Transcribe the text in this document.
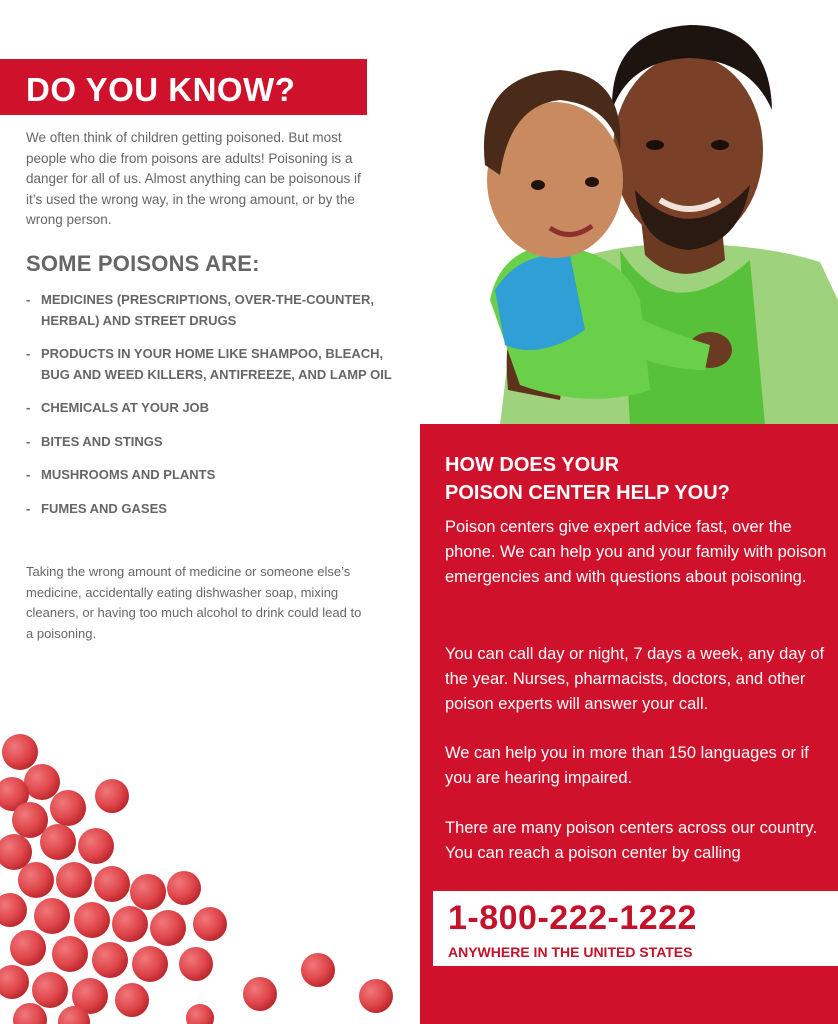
DO YOU KNOW?

We often think of children getting poisoned. But most people who die from poisons are adults! Poisoning is a danger for all of us. Almost anything can be poisonous if it’s used the wrong way, in the wrong amount, or by the wrong person.

SOME POISONS ARE:
- MEDICINES (PRESCRIPTIONS, OVER-THE-COUNTER, HERBAL) AND STREET DRUGS
- PRODUCTS IN YOUR HOME LIKE SHAMPOO, BLEACH, BUG AND WEED KILLERS, ANTIFREEZE, AND LAMP OIL
- CHEMICALS AT YOUR JOB
- BITES AND STINGS
- MUSHROOMS AND PLANTS
- FUMES AND GASES

Taking the wrong amount of medicine or someone else’s medicine, accidentally eating dishwasher soap, mixing cleaners, or having too much alcohol to drink could lead to a poisoning.

HOW DOES YOUR
POISON CENTER HELP YOU?

Poison centers give expert advice fast, over the phone. We can help you and your family with poison emergencies and with questions about poisoning.

You can call day or night, 7 days a week, any day of the year. Nurses, pharmacists, doctors, and other poison experts will answer your call.

We can help you in more than 150 languages or if you are hearing impaired.

There are many poison centers across our country. You can reach a poison center by calling

1-800-222-1222
ANYWHERE IN THE UNITED STATES
